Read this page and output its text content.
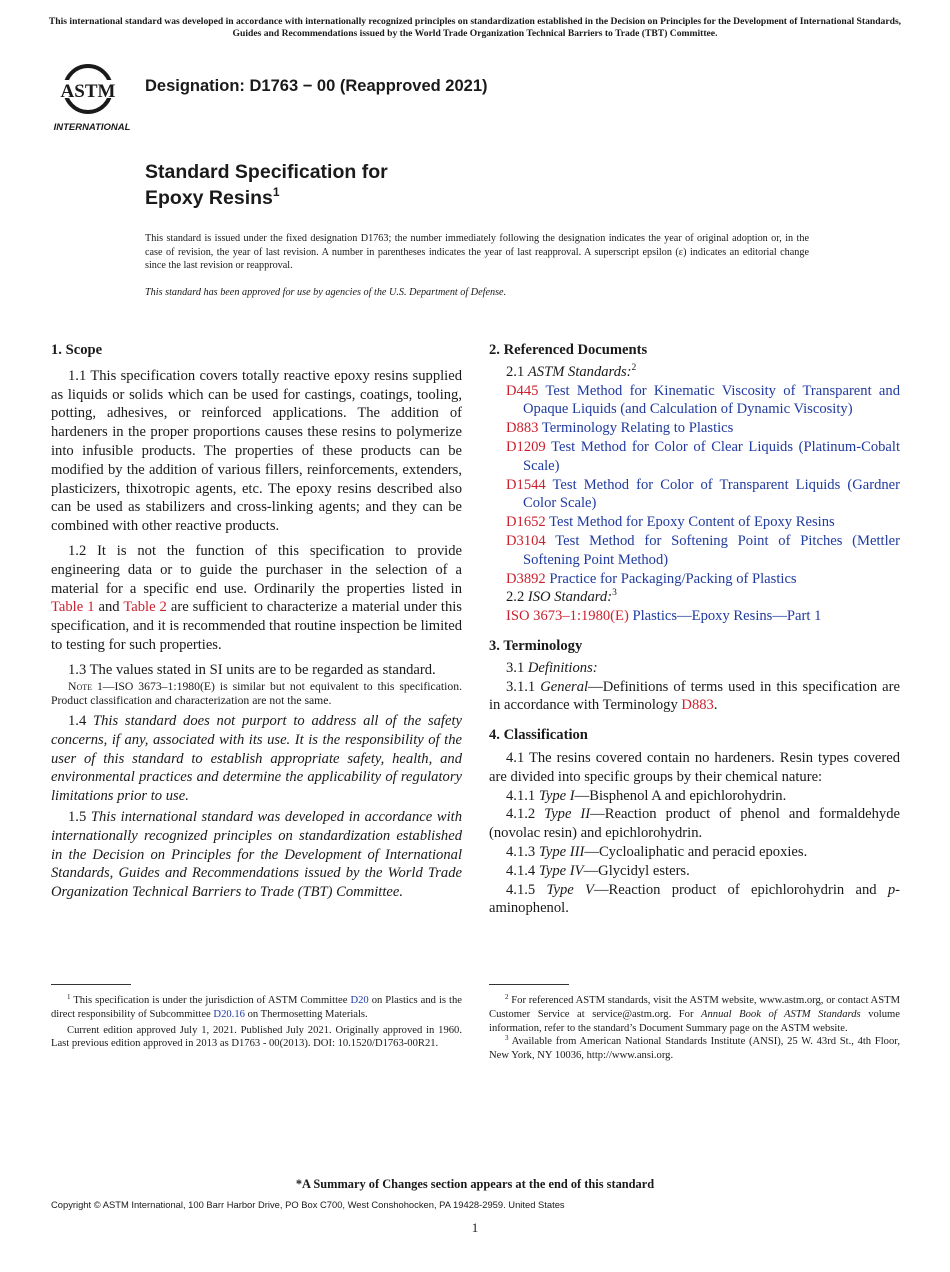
This international standard was developed in accordance with internationally recognized principles on standardization established in the Decision on Principles for the Development of International Standards, Guides and Recommendations issued by the World Trade Organization Technical Barriers to Trade (TBT) Committee.
ASTM
INTERNATIONAL
Designation: D1763 − 00 (Reapproved 2021)
Standard Specification for
Epoxy Resins$^1$
This standard is issued under the fixed designation D1763; the number immediately following the designation indicates the year of original adoption or, in the case of revision, the year of last revision. A number in parentheses indicates the year of last reapproval. A superscript epsilon (ε) indicates an editorial change since the last revision or reapproval.
This standard has been approved for use by agencies of the U.S. Department of Defense.
1. Scope

1.1 This specification covers totally reactive epoxy resins supplied as liquids or solids which can be used for castings, coatings, tooling, potting, adhesives, or reinforced applications. The addition of hardeners in the proper proportions causes these resins to polymerize into infusible products. The properties of these products can be modified by the addition of various fillers, reinforcements, extenders, plasticizers, thixotropic agents, etc. The epoxy resins described also can be used as stabilizers and cross-linking agents; and they can be combined with other reactive products.

1.2 It is not the function of this specification to provide engineering data or to guide the purchaser in the selection of a material for a specific end use. Ordinarily the properties listed in Table 1 and Table 2 are sufficient to characterize a material under this specification, and it is recommended that routine inspection be limited to testing for such properties.

1.3 The values stated in SI units are to be regarded as standard.

Note 1—ISO 3673–1:1980(E) is similar but not equivalent to this specification. Product classification and characterization are not the same.

1.4 This standard does not purport to address all of the safety concerns, if any, associated with its use. It is the responsibility of the user of this standard to establish appropriate safety, health, and environmental practices and determine the applicability of regulatory limitations prior to use.

1.5 This international standard was developed in accordance with internationally recognized principles on standardization established in the Decision on Principles for the Development of International Standards, Guides and Recommendations issued by the World Trade Organization Technical Barriers to Trade (TBT) Committee.

2. Referenced Documents

2.1 ASTM Standards:$^2$

D445 Test Method for Kinematic Viscosity of Transparent and Opaque Liquids (and Calculation of Dynamic Viscosity)

D883 Terminology Relating to Plastics

D1209 Test Method for Color of Clear Liquids (Platinum-Cobalt Scale)

D1544 Test Method for Color of Transparent Liquids (Gardner Color Scale)

D1652 Test Method for Epoxy Content of Epoxy Resins

D3104 Test Method for Softening Point of Pitches (Mettler Softening Point Method)

D3892 Practice for Packaging/Packing of Plastics

2.2 ISO Standard:$^3$

ISO 3673–1:1980(E) Plastics—Epoxy Resins—Part 1

3. Terminology

3.1 Definitions:

3.1.1 General—Definitions of terms used in this specification are in accordance with Terminology D883.

4. Classification

4.1 The resins covered contain no hardeners. Resin types covered are divided into specific groups by their chemical nature:

4.1.1 Type I—Bisphenol A and epichlorohydrin.

4.1.2 Type II—Reaction product of phenol and formaldehyde (novolac resin) and epichlorohydrin.

4.1.3 Type III—Cycloaliphatic and peracid epoxies.

4.1.4 Type IV—Glycidyl esters.

4.1.5 Type V—Reaction product of epichlorohydrin and p-aminophenol.

$^1$ This specification is under the jurisdiction of ASTM Committee D20 on Plastics and is the direct responsibility of Subcommittee D20.16 on Thermosetting Materials.

Current edition approved July 1, 2021. Published July 2021. Originally approved in 1960. Last previous edition approved in 2013 as D1763 - 00(2013). DOI: 10.1520/D1763-00R21.

$^2$ For referenced ASTM standards, visit the ASTM website, www.astm.org, or contact ASTM Customer Service at service@astm.org. For Annual Book of ASTM Standards volume information, refer to the standard’s Document Summary page on the ASTM website.

$^3$ Available from American National Standards Institute (ANSI), 25 W. 43rd St., 4th Floor, New York, NY 10036, http://www.ansi.org.

*A Summary of Changes section appears at the end of this standard
Copyright © ASTM International, 100 Barr Harbor Drive, PO Box C700, West Conshohocken, PA 19428-2959. United States
1
